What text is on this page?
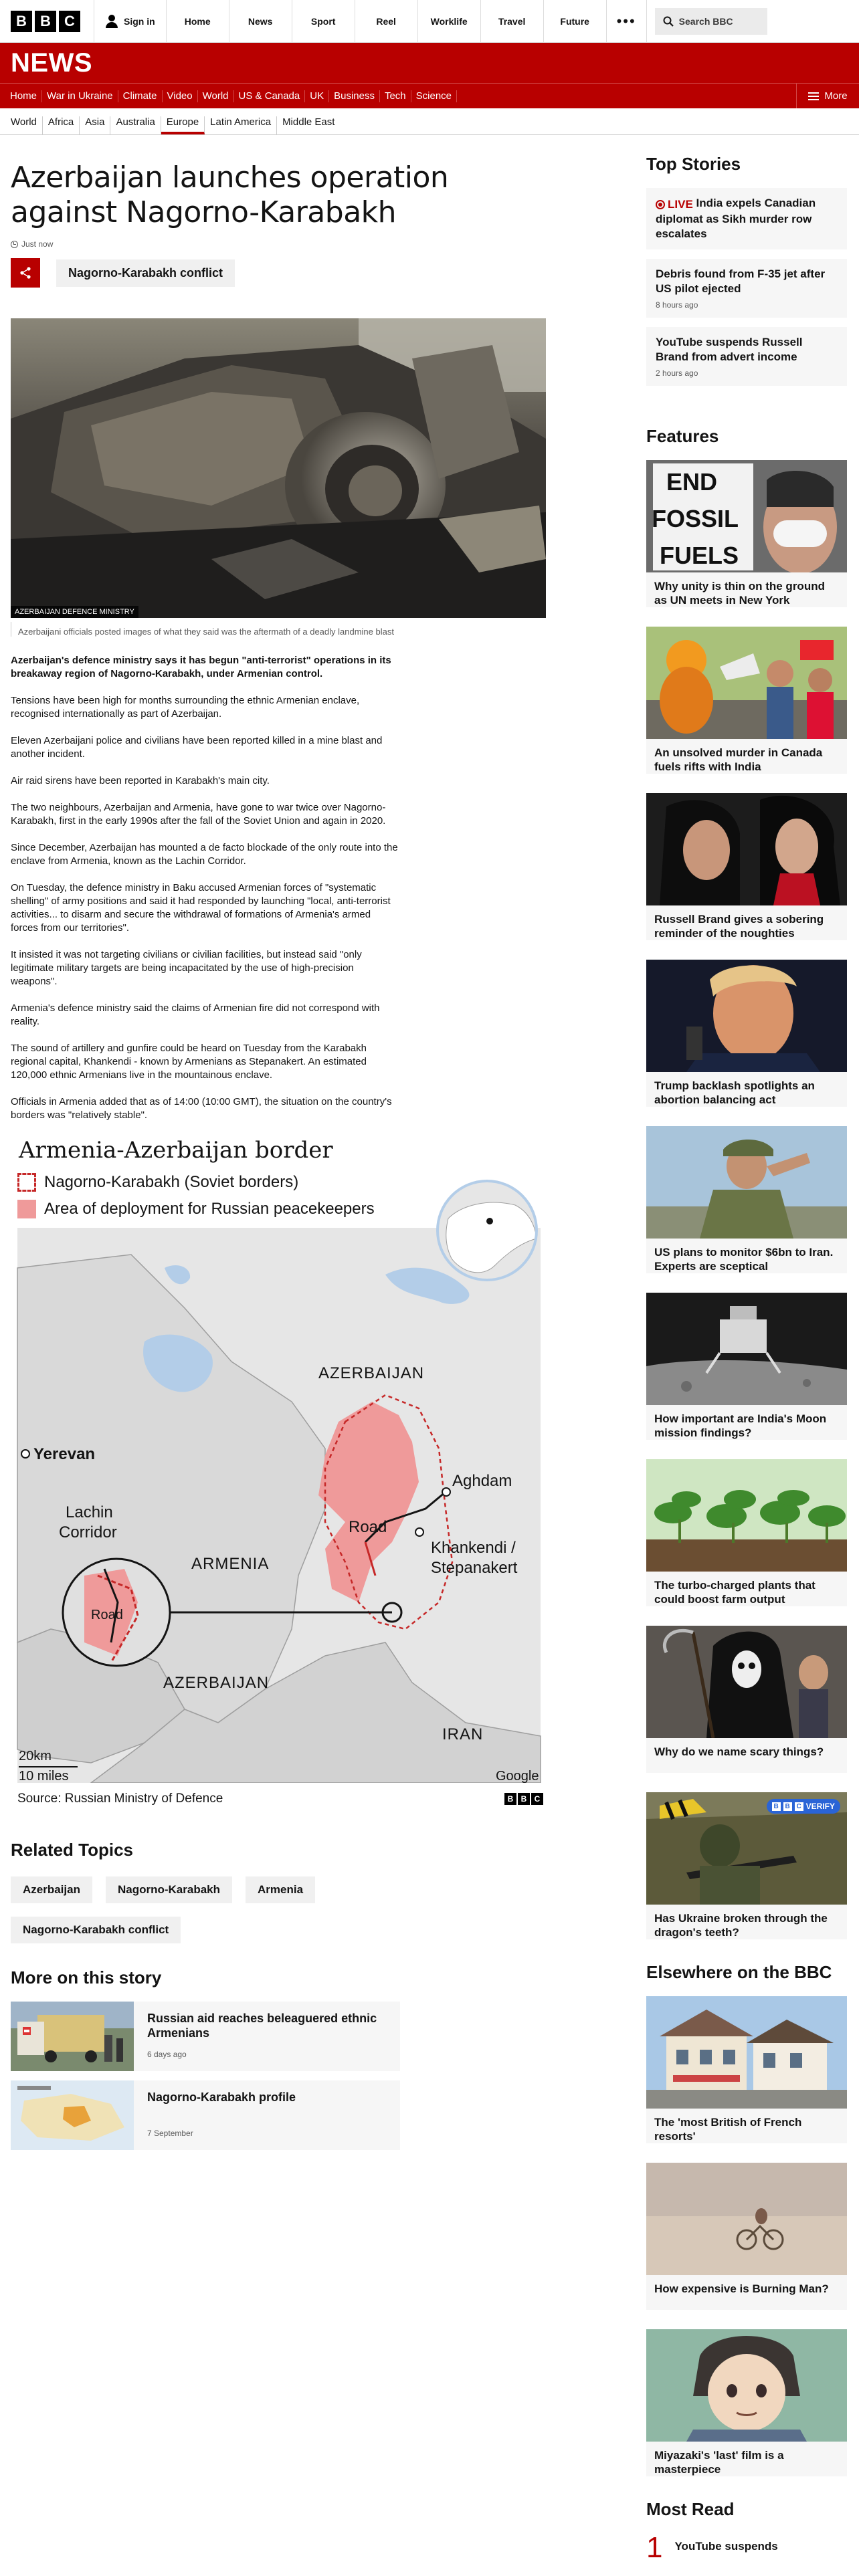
B B C	Sign in	Home	News	Sport	Reel	Worklife	Travel	Future	•••	Search BBC
NEWS
Home	War in Ukraine	Climate	Video	World	US & Canada	UK	Business	Tech	Science	More
World	Africa	Asia	Australia	Europe	Latin America	Middle East
Azerbaijan launches operation against Nagorno-Karabakh
Just now
Nagorno-Karabakh conflict
AZERBAIJAN DEFENCE MINISTRY
Azerbaijani officials posted images of what they said was the aftermath of a deadly landmine blast

Azerbaijan's defence ministry says it has begun "anti-terrorist" operations in its breakaway region of Nagorno-Karabakh, under Armenian control.

Tensions have been high for months surrounding the ethnic Armenian enclave, recognised internationally as part of Azerbaijan.

Eleven Azerbaijani police and civilians have been reported killed in a mine blast and another incident.

Air raid sirens have been reported in Karabakh's main city.

The two neighbours, Azerbaijan and Armenia, have gone to war twice over Nagorno-Karabakh, first in the early 1990s after the fall of the Soviet Union and again in 2020.

Since December, Azerbaijan has mounted a de facto blockade of the only route into the enclave from Armenia, known as the Lachin Corridor.

On Tuesday, the defence ministry in Baku accused Armenian forces of "systematic shelling" of army positions and said it had responded by launching "local, anti-terrorist activities... to disarm and secure the withdrawal of formations of Armenia's armed forces from our territories".

It insisted it was not targeting civilians or civilian facilities, but instead said "only legitimate military targets are being incapacitated by the use of high-precision weapons".

Armenia's defence ministry said the claims of Armenian fire did not correspond with reality.

The sound of artillery and gunfire could be heard on Tuesday from the Karabakh regional capital, Khankendi - known by Armenians as Stepanakert. An estimated 120,000 ethnic Armenians live in the mountainous enclave.

Officials in Armenia added that as of 14:00 (10:00 GMT), the situation on the country's borders was "relatively stable".

Armenia-Azerbaijan border
Nagorno-Karabakh (Soviet borders)
Area of deployment for Russian peacekeepers
AZERBAIJAN
Yerevan
Lachin
Corridor
ARMENIA
Road
Road
Aghdam
Khankendi /
Stepanakert
AZERBAIJAN
IRAN
20km
10 miles	Google
Source: Russian Ministry of Defence	B B C
Related Topics
Azerbaijan	Nagorno-Karabakh	Armenia
Nagorno-Karabakh conflict
More on this story
Russian aid reaches beleaguered ethnic Armenians
6 days ago
Nagorno-Karabakh profile
7 September
Top Stories
LIVE India expels Canadian diplomat as Sikh murder row escalates
Debris found from F-35 jet after US pilot ejected
8 hours ago
YouTube suspends Russell Brand from advert income
2 hours ago
Features
END
FOSSIL
FUELS
Why unity is thin on the ground as UN meets in New York
An unsolved murder in Canada fuels rifts with India
Russell Brand gives a sobering reminder of the noughties
Trump backlash spotlights an abortion balancing act
US plans to monitor $6bn to Iran. Experts are sceptical
How important are India's Moon mission findings?
The turbo-charged plants that could boost farm output
Why do we name scary things?
B B C VERIFY
Has Ukraine broken through the dragon's teeth?
Elsewhere on the BBC
The 'most British of French resorts'
How expensive is Burning Man?
Miyazaki's 'last' film is a masterpiece
Most Read
1 YouTube suspends
